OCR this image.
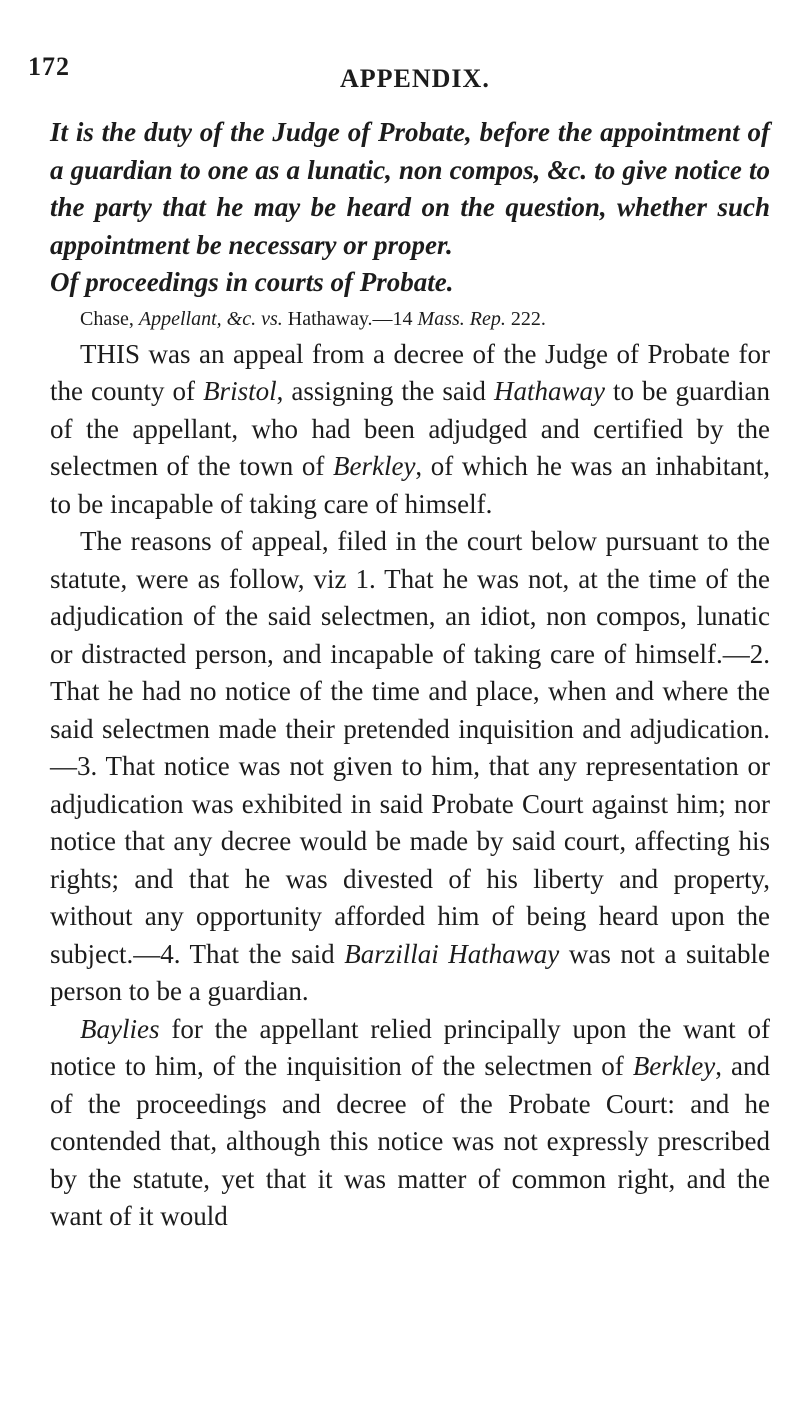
172	APPENDIX.

It is the duty of the Judge of Probate, before the appointment of a guardian to one as a lunatic, non compos, &c. to give notice to the party that he may be heard on the question, whether such appointment be necessary or proper.

Of proceedings in courts of Probate.

Chase, Appellant, &c. vs. Hathaway.—14 Mass. Rep. 222.

THIS was an appeal from a decree of the Judge of Probate for the county of Bristol, assigning the said Hathaway to be guardian of the appellant, who had been adjudged and certified by the selectmen of the town of Berkley, of which he was an inhabitant, to be incapable of taking care of himself.

The reasons of appeal, filed in the court below pursuant to the statute, were as follow, viz 1. That he was not, at the time of the adjudication of the said selectmen, an idiot, non compos, lunatic or distracted person, and incapable of taking care of himself.—2. That he had no notice of the time and place, when and where the said selectmen made their pretended inquisition and adjudication.—3. That notice was not given to him, that any representation or adjudication was exhibited in said Probate Court against him; nor notice that any decree would be made by said court, affecting his rights; and that he was divested of his liberty and property, without any opportunity afforded him of being heard upon the subject.—4. That the said Barzillai Hathaway was not a suitable person to be a guardian.

Baylies for the appellant relied principally upon the want of notice to him, of the inquisition of the selectmen of Berkley, and of the proceedings and decree of the Probate Court: and he contended that, although this notice was not expressly prescribed by the statute, yet that it was matter of common right, and the want of it would
